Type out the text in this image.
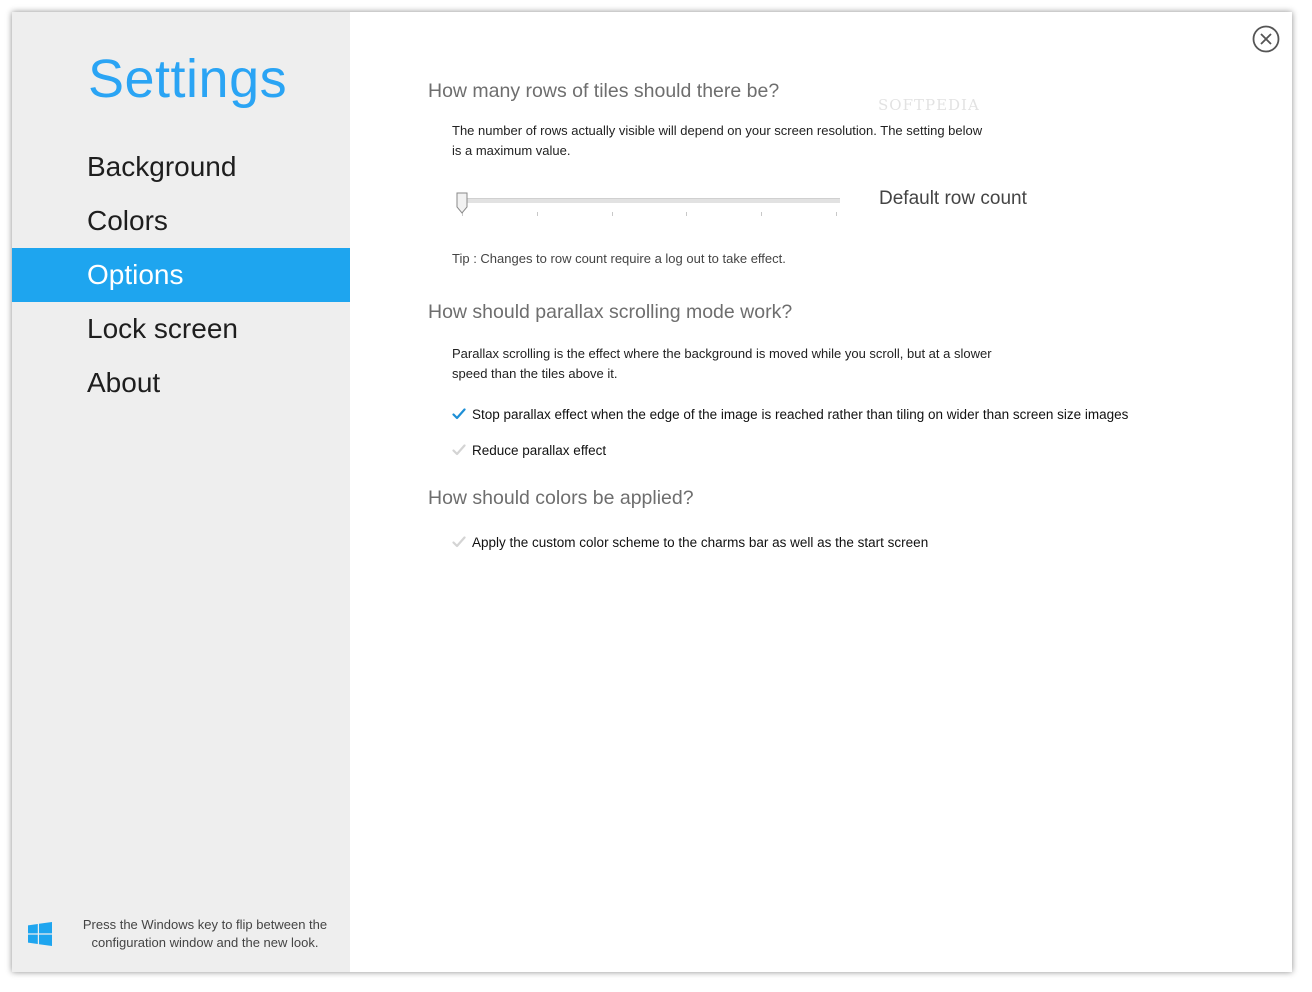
Settings
Background
Colors
Options
Lock screen
About
Press the Windows key to flip between the
configuration window and the new look.
SOFTPEDIA
How many rows of tiles should there be?
The number of rows actually visible will depend on your screen resolution. The setting below
is a maximum value.
Default row count
Tip : Changes to row count require a log out to take effect.
How should parallax scrolling mode work?
Parallax scrolling is the effect where the background is moved while you scroll, but at a slower
speed than the tiles above it.
Stop parallax effect when the edge of the image is reached rather than tiling on wider than screen size images
Reduce parallax effect
How should colors be applied?
Apply the custom color scheme to the charms bar as well as the start screen
